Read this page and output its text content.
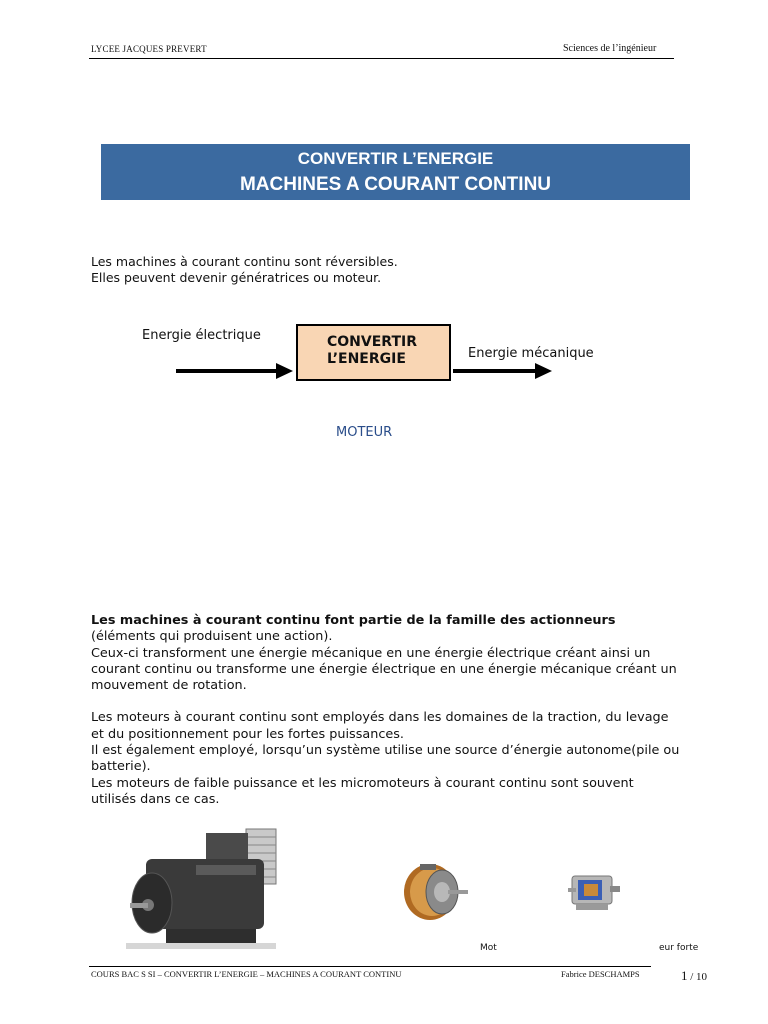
LYCEE JACQUES PREVERT	Sciences de l’ingénieur
CONVERTIR L’ENERGIE
MACHINES A COURANT CONTINU
Les machines à courant continu sont réversibles.
Elles peuvent devenir génératrices ou moteur.
Energie électrique	CONVERTIR L’ENERGIE	Energie mécanique
MOTEUR

Les machines à courant continu font partie de la famille des actionneurs (éléments qui produisent une action).

Ceux-ci transforment une énergie mécanique en une énergie électrique créant ainsi un courant continu ou transforme une énergie électrique en une énergie mécanique créant un mouvement de rotation.

Les moteurs à courant continu sont employés dans les domaines de la traction, du levage et du positionnement pour les fortes puissances.

Il est également employé, lorsqu’un système utilise une source d’énergie autonome(pile ou batterie).

Les moteurs de faible puissance et les micromoteurs à courant continu sont souvent utilisés dans ce cas.

Mot	eur forte
COURS BAC S SI – CONVERTIR L’ENERGIE – MACHINES A COURANT CONTINU	Fabrice DESCHAMPS	1 / 10
